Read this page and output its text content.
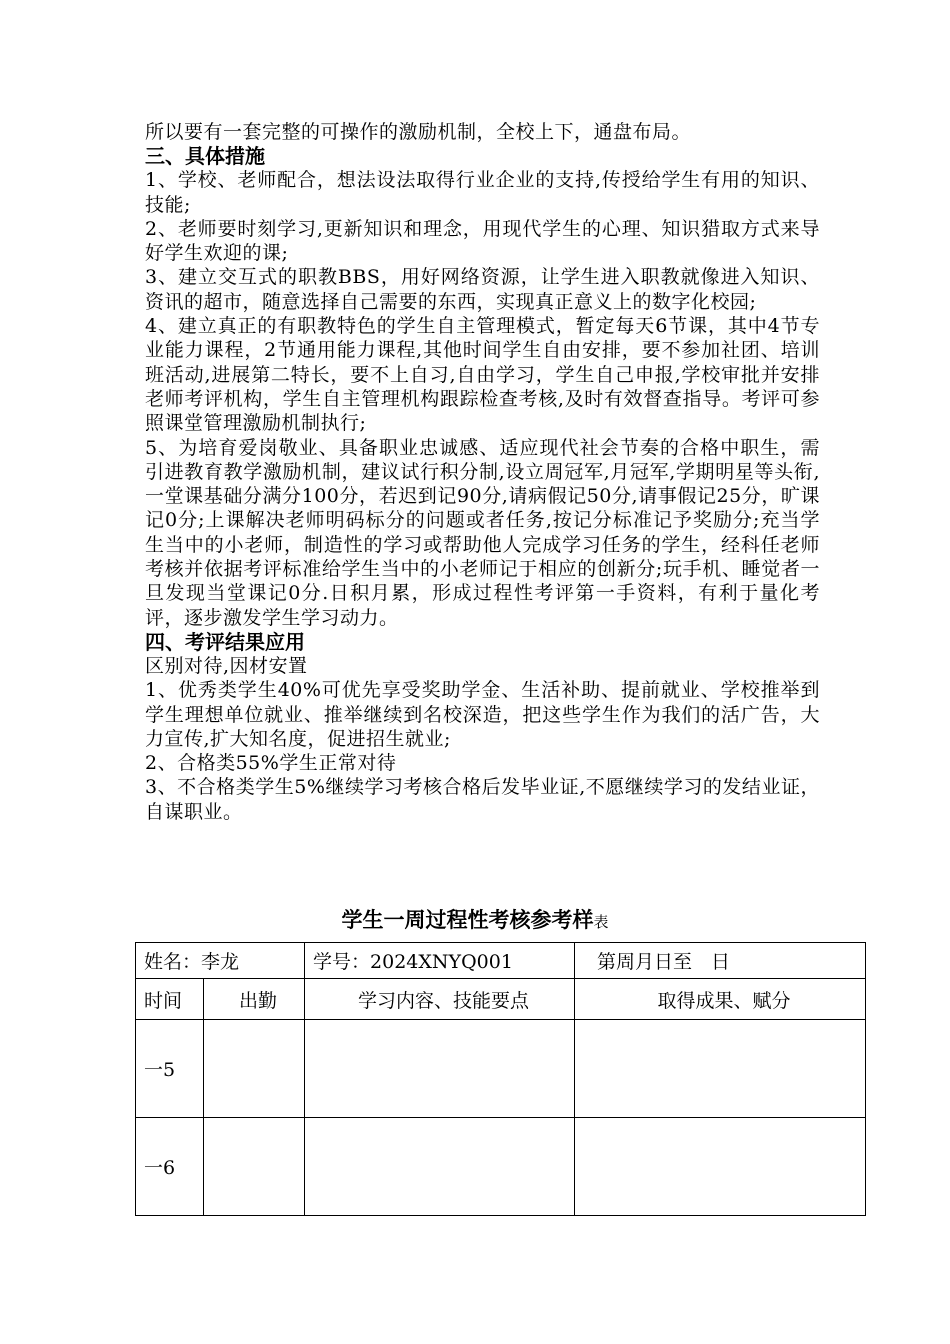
所以要有一套完整的可操作的激励机制，全校上下，通盘布局。
三、具体措施
1、学校、老师配合，想法设法取得行业企业的支持,传授给学生有用的知识、技能;
2、老师要时刻学习,更新知识和理念，用现代学生的心理、知识猎取方式来导好学生欢迎的课;
3、建立交互式的职教BBS，用好网络资源，让学生进入职教就像进入知识、资讯的超市，随意选择自己需要的东西，实现真正意义上的数字化校园;
4、建立真正的有职教特色的学生自主管理模式，暂定每天6节课，其中4节专业能力课程，2节通用能力课程,其他时间学生自由安排，要不参加社团、培训班活动,进展第二特长，要不上自习,自由学习，学生自己申报,学校审批并安排老师考评机构，学生自主管理机构跟踪检查考核,及时有效督查指导。考评可参照课堂管理激励机制执行;
5、为培育爱岗敬业、具备职业忠诚感、适应现代社会节奏的合格中职生，需引进教育教学激励机制，建议试行积分制,设立周冠军,月冠军,学期明星等头衔,一堂课基础分满分100分，若迟到记90分,请病假记50分,请事假记25分，旷课记0分;上课解决老师明码标分的问题或者任务,按记分标准记予奖励分;充当学生当中的小老师，制造性的学习或帮助他人完成学习任务的学生，经科任老师考核并依据考评标准给学生当中的小老师记于相应的创新分;玩手机、睡觉者一旦发现当堂课记0分.日积月累，形成过程性考评第一手资料，有利于量化考评，逐步激发学生学习动力。
四、考评结果应用
区别对待,因材安置
1、优秀类学生40%可优先享受奖助学金、生活补助、提前就业、学校推举到学生理想单位就业、推举继续到名校深造，把这些学生作为我们的活广告，大力宣传,扩大知名度，促进招生就业;
2、合格类55%学生正常对待
3、不合格类学生5%继续学习考核合格后发毕业证,不愿继续学习的发结业证，自谋职业。
学生一周过程性考核参考样表
姓名：李龙		学号：2024XNYQ001	第周月日至　日
时间	出勤	学习内容、技能要点	取得成果、赋分
一5			
一6			
